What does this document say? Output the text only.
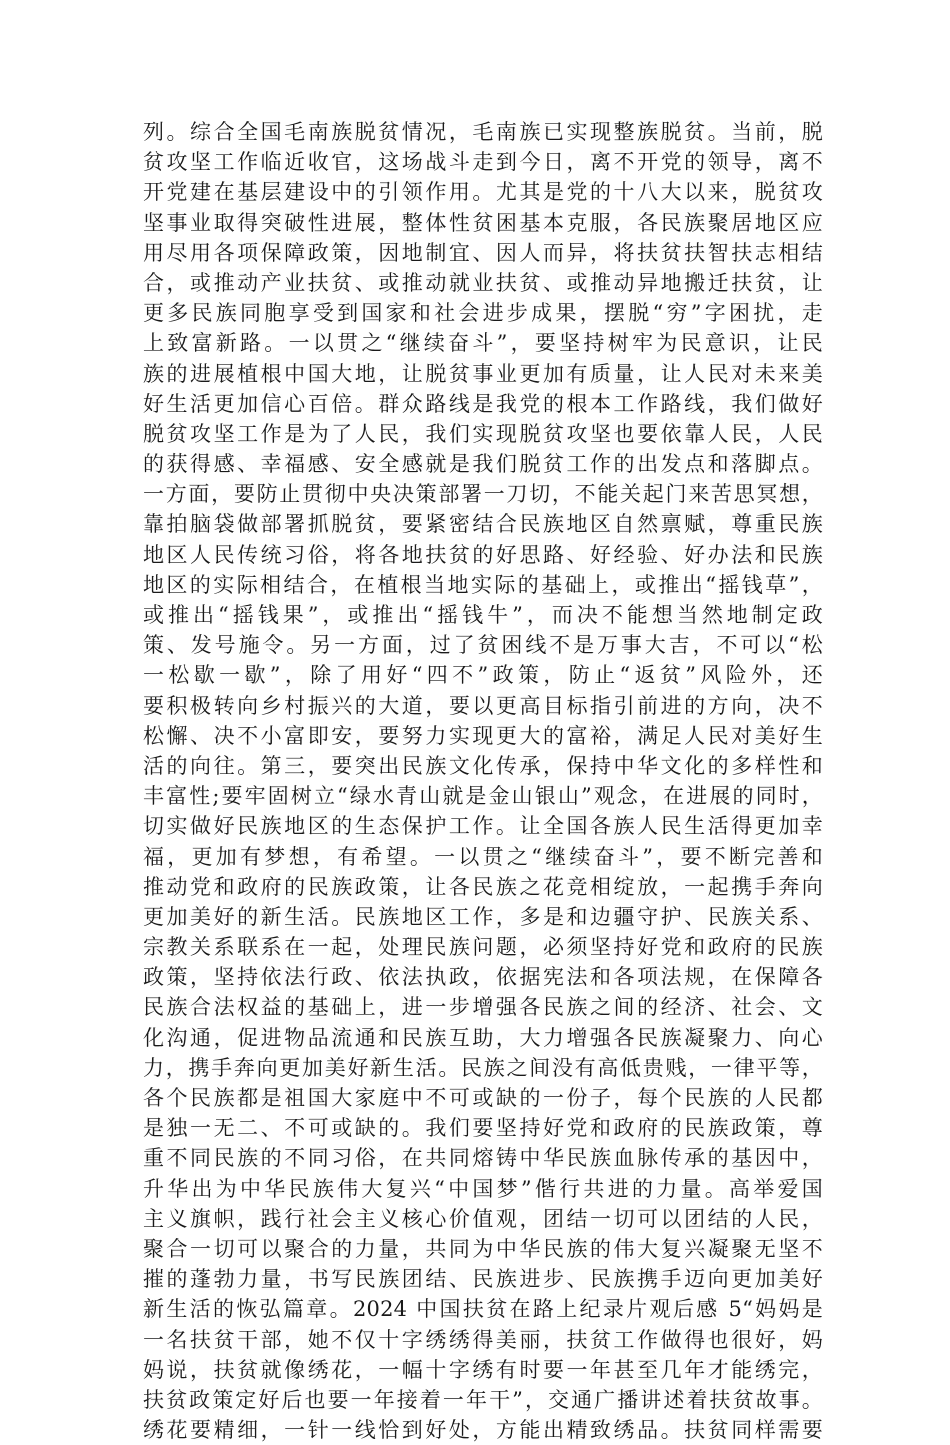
列。综合全国毛南族脱贫情况，毛南族已实现整族脱贫。当前，脱
贫攻坚工作临近收官，这场战斗走到今日，离不开党的领导，离不
开党建在基层建设中的引领作用。尤其是党的十八大以来，脱贫攻
坚事业取得突破性进展，整体性贫困基本克服，各民族聚居地区应
用尽用各项保障政策，因地制宜、因人而异，将扶贫扶智扶志相结
合，或推动产业扶贫、或推动就业扶贫、或推动异地搬迁扶贫，让
更多民族同胞享受到国家和社会进步成果，摆脱“穷”字困扰，走
上致富新路。一以贯之“继续奋斗”，要坚持树牢为民意识，让民
族的进展植根中国大地，让脱贫事业更加有质量，让人民对未来美
好生活更加信心百倍。群众路线是我党的根本工作路线，我们做好
脱贫攻坚工作是为了人民，我们实现脱贫攻坚也要依靠人民，人民
的获得感、幸福感、安全感就是我们脱贫工作的出发点和落脚点。
一方面，要防止贯彻中央决策部署一刀切，不能关起门来苦思冥想，
靠拍脑袋做部署抓脱贫，要紧密结合民族地区自然禀赋，尊重民族
地区人民传统习俗，将各地扶贫的好思路、好经验、好办法和民族
地区的实际相结合，在植根当地实际的基础上，或推出“摇钱草”，
或推出“摇钱果”，或推出“摇钱牛”，而决不能想当然地制定政
策、发号施令。另一方面，过了贫困线不是万事大吉，不可以“松
一松歇一歇”，除了用好“四不”政策，防止“返贫”风险外，还
要积极转向乡村振兴的大道，要以更高目标指引前进的方向，决不
松懈、决不小富即安，要努力实现更大的富裕，满足人民对美好生
活的向往。第三，要突出民族文化传承，保持中华文化的多样性和
丰富性;要牢固树立“绿水青山就是金山银山”观念，在进展的同时，
切实做好民族地区的生态保护工作。让全国各族人民生活得更加幸
福，更加有梦想，有希望。一以贯之“继续奋斗”，要不断完善和
推动党和政府的民族政策，让各民族之花竞相绽放，一起携手奔向
更加美好的新生活。民族地区工作，多是和边疆守护、民族关系、
宗教关系联系在一起，处理民族问题，必须坚持好党和政府的民族
政策，坚持依法行政、依法执政，依据宪法和各项法规，在保障各
民族合法权益的基础上，进一步增强各民族之间的经济、社会、文
化沟通，促进物品流通和民族互助，大力增强各民族凝聚力、向心
力，携手奔向更加美好新生活。民族之间没有高低贵贱，一律平等，
各个民族都是祖国大家庭中不可或缺的一份子，每个民族的人民都
是独一无二、不可或缺的。我们要坚持好党和政府的民族政策，尊
重不同民族的不同习俗，在共同熔铸中华民族血脉传承的基因中，
升华出为中华民族伟大复兴“中国梦”偕行共进的力量。高举爱国
主义旗帜，践行社会主义核心价值观，团结一切可以团结的人民，
聚合一切可以聚合的力量，共同为中华民族的伟大复兴凝聚无坚不
摧的蓬勃力量，书写民族团结、民族进步、民族携手迈向更加美好
新生活的恢弘篇章。2024 中国扶贫在路上纪录片观后感 5“妈妈是
一名扶贫干部，她不仅十字绣绣得美丽，扶贫工作做得也很好，妈
妈说，扶贫就像绣花，一幅十字绣有时要一年甚至几年才能绣完，
扶贫政策定好后也要一年接着一年干”，交通广播讲述着扶贫故事。
绣花要精细，一针一线恰到好处，方能出精致绣品。扶贫同样需要
